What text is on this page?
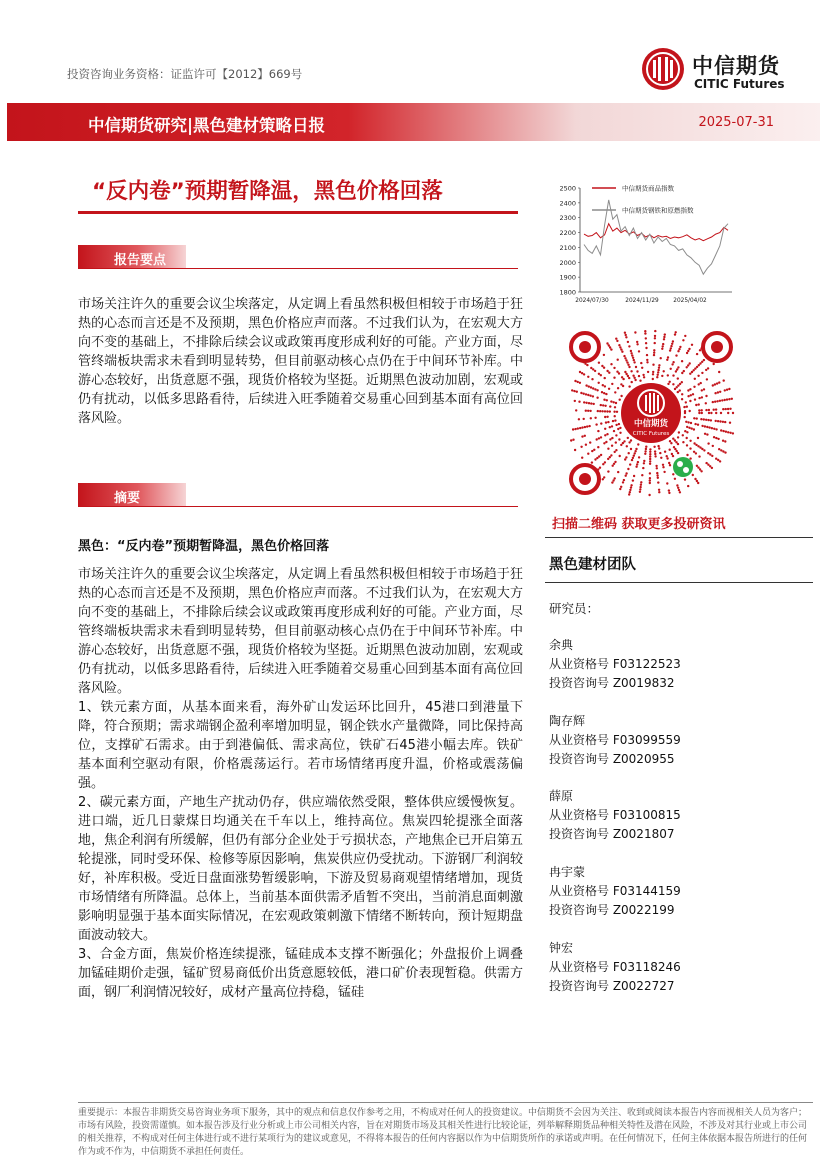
投资咨询业务资格：证监许可【2012】669号	中信期货
CITIC Futures
中信期货研究|黑色建材策略日报	2025-07-31
“反内卷”预期暂降温，黑色价格回落
报告要点
市场关注许久的重要会议尘埃落定，从定调上看虽然积极但相较于市场趋于狂热的心态而言还是不及预期，黑色价格应声而落。不过我们认为，在宏观大方向不变的基础上，不排除后续会议或政策再度形成利好的可能。产业方面，尽管终端板块需求未看到明显转势，但目前驱动核心点仍在于中间环节补库。中游心态较好，出货意愿不强，现货价格较为坚挺。近期黑色波动加剧，宏观或仍有扰动，以低多思路看待，后续进入旺季随着交易重心回到基本面有高位回落风险。
摘要
黑色：“反内卷”预期暂降温，黑色价格回落

市场关注许久的重要会议尘埃落定，从定调上看虽然积极但相较于市场趋于狂热的心态而言还是不及预期，黑色价格应声而落。不过我们认为，在宏观大方向不变的基础上，不排除后续会议或政策再度形成利好的可能。产业方面，尽管终端板块需求未看到明显转势，但目前驱动核心点仍在于中间环节补库。中游心态较好，出货意愿不强，现货价格较为坚挺。近期黑色波动加剧，宏观或仍有扰动，以低多思路看待，后续进入旺季随着交易重心回到基本面有高位回落风险。

1、铁元素方面，从基本面来看，海外矿山发运环比回升，45港口到港量下降，符合预期；需求端钢企盈利率增加明显，钢企铁水产量微降，同比保持高位，支撑矿石需求。由于到港偏低、需求高位，铁矿石45港小幅去库。铁矿基本面利空驱动有限，价格震荡运行。若市场情绪再度升温，价格或震荡偏强。

2、碳元素方面，产地生产扰动仍存，供应端依然受限，整体供应缓慢恢复。进口端，近几日蒙煤日均通关在千车以上，维持高位。焦炭四轮提涨全面落地，焦企利润有所缓解，但仍有部分企业处于亏损状态，产地焦企已开启第五轮提涨，同时受环保、检修等原因影响，焦炭供应仍受扰动。下游钢厂利润较好，补库积极。受近日盘面涨势暂缓影响，下游及贸易商观望情绪增加，现货市场情绪有所降温。总体上，当前基本面供需矛盾暂不突出，当前消息面刺激影响明显强于基本面实际情况，在宏观政策刺激下情绪不断转向，预计短期盘面波动较大。

3、合金方面，焦炭价格连续提涨，锰硅成本支撑不断强化；外盘报价上调叠加锰硅期价走强，锰矿贸易商低价出货意愿较低，港口矿价表现暂稳。供需方面，钢厂利润情况较好，成材产量高位持稳，锰硅

1800
1900
2000
2100
2200
2300
2400
2500
2024/07/30	2024/11/29	2025/04/02
中信期货商品指数
中信期货钢铁和原燃指数
中信期货
CITIC Futures
扫描二维码 获取更多投研资讯
黑色建材团队
研究员：
余典
从业资格号 F03122523
投资咨询号 Z0019832
陶存辉
从业资格号 F03099559
投资咨询号 Z0020955
薛原
从业资格号 F03100815
投资咨询号 Z0021807
冉宇蒙
从业资格号 F03144159
投资咨询号 Z0022199
钟宏
从业资格号 F03118246
投资咨询号 Z0022727
重要提示：本报告非期货交易咨询业务项下服务，其中的观点和信息仅作参考之用，不构成对任何人的投资建议。中信期货不会因为关注、收到或阅读本报告内容而视相关人员为客户；市场有风险，投资需谨慎。如本报告涉及行业分析或上市公司相关内容，旨在对期货市场及其相关性进行比较论证，列举解释期货品种相关特性及潜在风险，不涉及对其行业或上市公司的相关推荐，不构成对任何主体进行或不进行某项行为的建议或意见，不得将本报告的任何内容据以作为中信期货所作的承诺或声明。在任何情况下，任何主体依据本报告所进行的任何作为或不作为，中信期货不承担任何责任。
